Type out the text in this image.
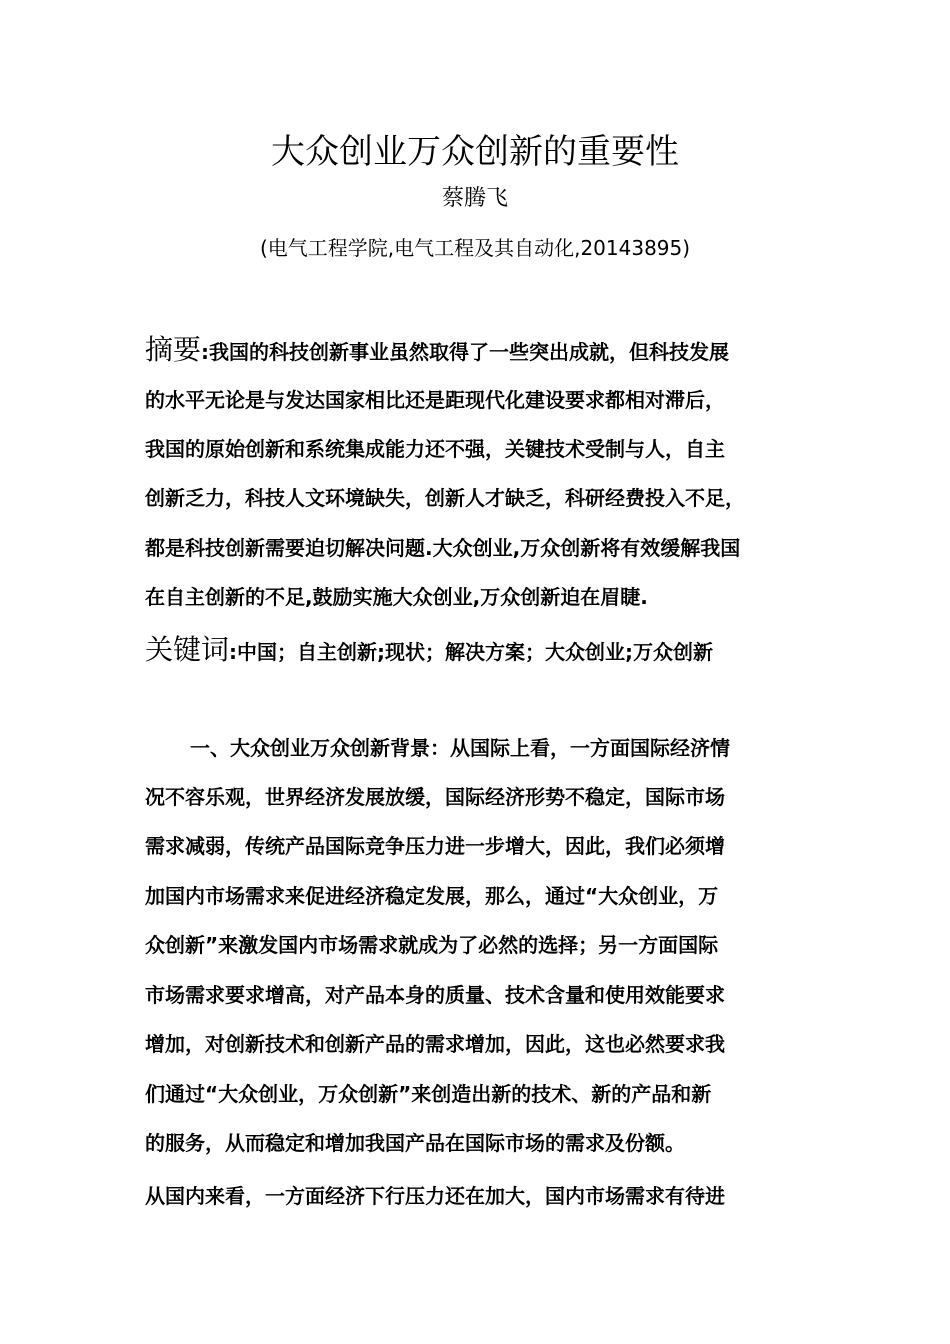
大众创业万众创新的重要性
蔡腾飞
(电气工程学院,电气工程及其自动化,20143895)
摘要:我国的科技创新事业虽然取得了一些突出成就，但科技发展
的水平无论是与发达国家相比还是距现代化建设要求都相对滞后，
我国的原始创新和系统集成能力还不强，关键技术受制与人，自主
创新乏力，科技人文环境缺失，创新人才缺乏，科研经费投入不足，
都是科技创新需要迫切解决问题.大众创业,万众创新将有效缓解我国
在自主创新的不足,鼓励实施大众创业,万众创新迫在眉睫.
关键词:中国；自主创新;现状；解决方案；大众创业;万众创新
一、大众创业万众创新背景：从国际上看，一方面国际经济情
况不容乐观，世界经济发展放缓，国际经济形势不稳定，国际市场
需求减弱，传统产品国际竞争压力进一步增大，因此，我们必须增
加国内市场需求来促进经济稳定发展，那么，通过“大众创业，万
众创新”来激发国内市场需求就成为了必然的选择；另一方面国际
市场需求要求增高，对产品本身的质量、技术含量和使用效能要求
增加，对创新技术和创新产品的需求增加，因此，这也必然要求我
们通过“大众创业，万众创新”来创造出新的技术、新的产品和新
的服务，从而稳定和增加我国产品在国际市场的需求及份额。
从国内来看，一方面经济下行压力还在加大，国内市场需求有待进
